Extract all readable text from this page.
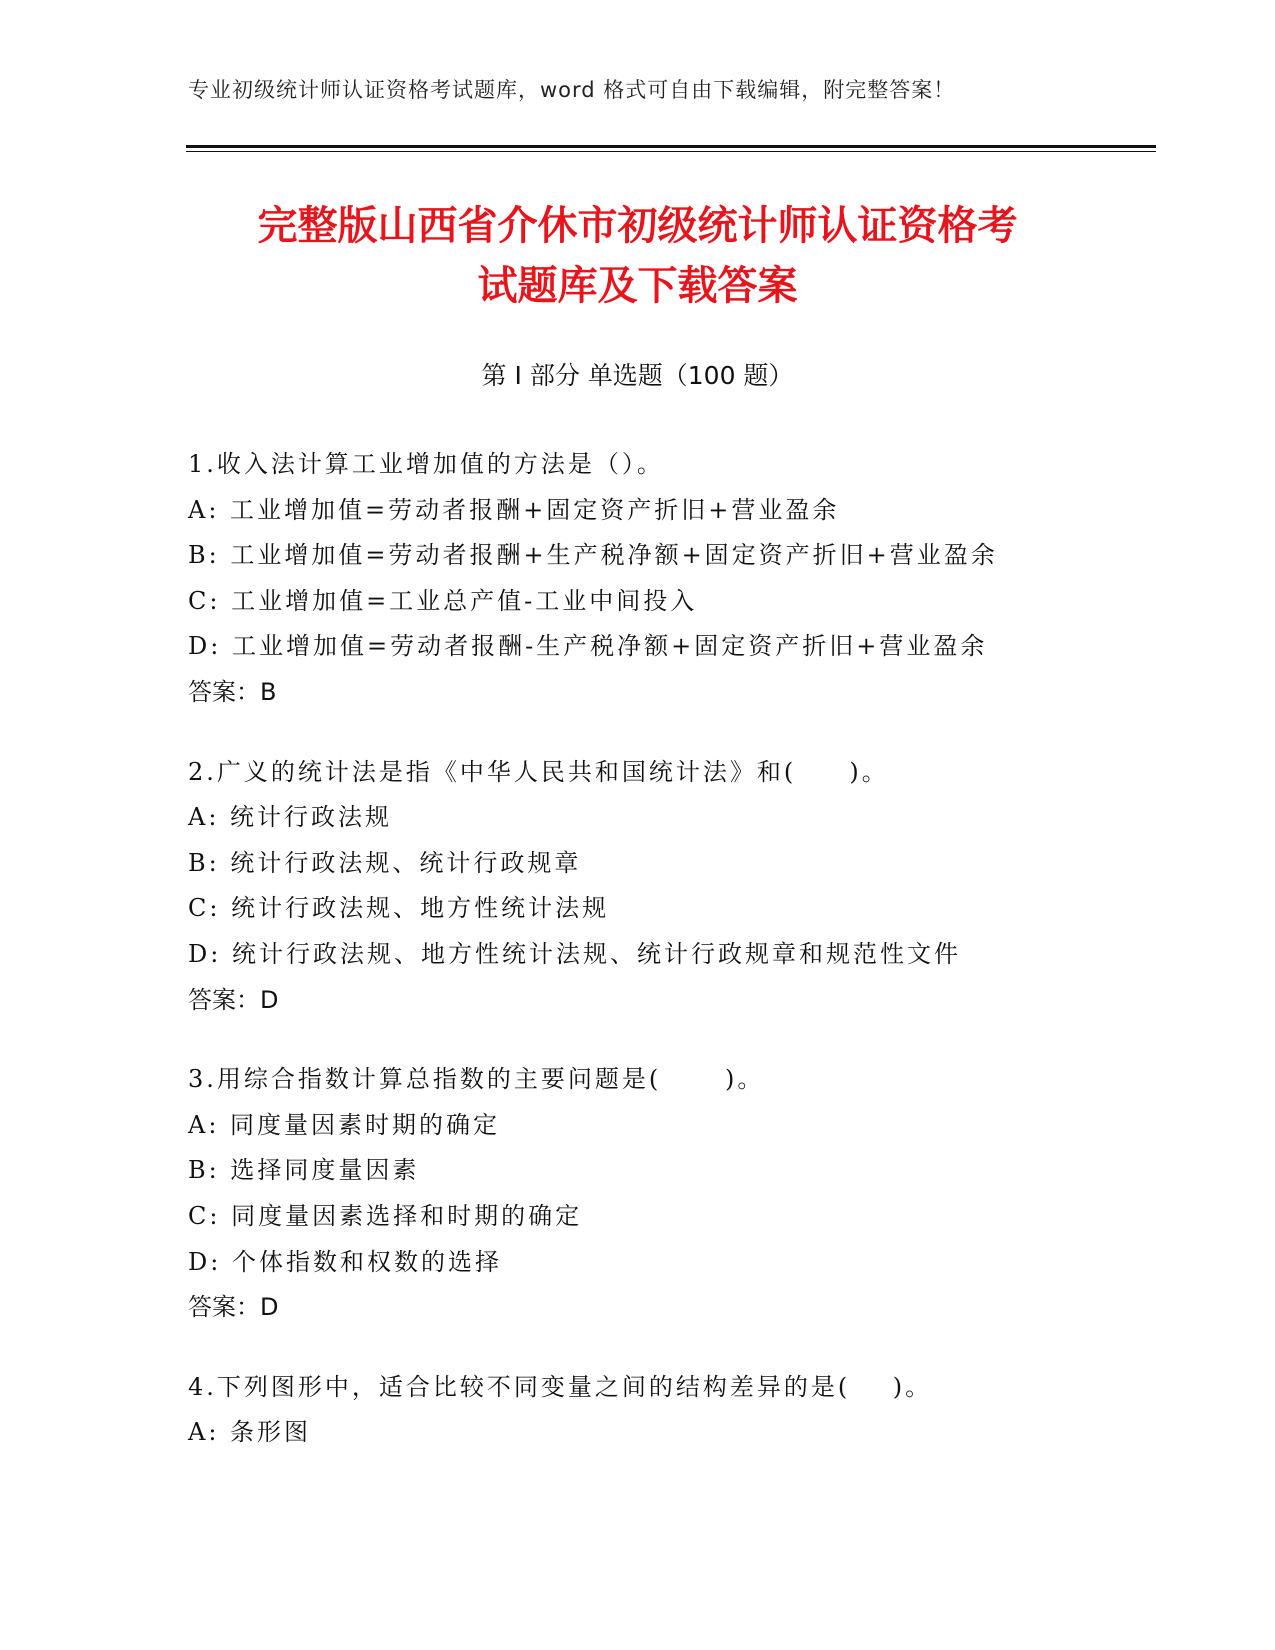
专业初级统计师认证资格考试题库，word 格式可自由下载编辑，附完整答案！
完整版山西省介休市初级统计师认证资格考
试题库及下载答案
第 I 部分 单选题（100 题）
1.收入法计算工业增加值的方法是（）。
A: 工业增加值=劳动者报酬+固定资产折旧+营业盈余
B: 工业增加值=劳动者报酬+生产税净额+固定资产折旧+营业盈余
C: 工业增加值=工业总产值-工业中间投入
D: 工业增加值=劳动者报酬-生产税净额+固定资产折旧+营业盈余
答案：B
2.广义的统计法是指《中华人民共和国统计法》和(     )。
A: 统计行政法规
B: 统计行政法规、统计行政规章
C: 统计行政法规、地方性统计法规
D: 统计行政法规、地方性统计法规、统计行政规章和规范性文件
答案：D
3.用综合指数计算总指数的主要问题是(      )。
A: 同度量因素时期的确定
B: 选择同度量因素
C: 同度量因素选择和时期的确定
D: 个体指数和权数的选择
答案：D
4.下列图形中，适合比较不同变量之间的结构差异的是(    )。
A: 条形图
